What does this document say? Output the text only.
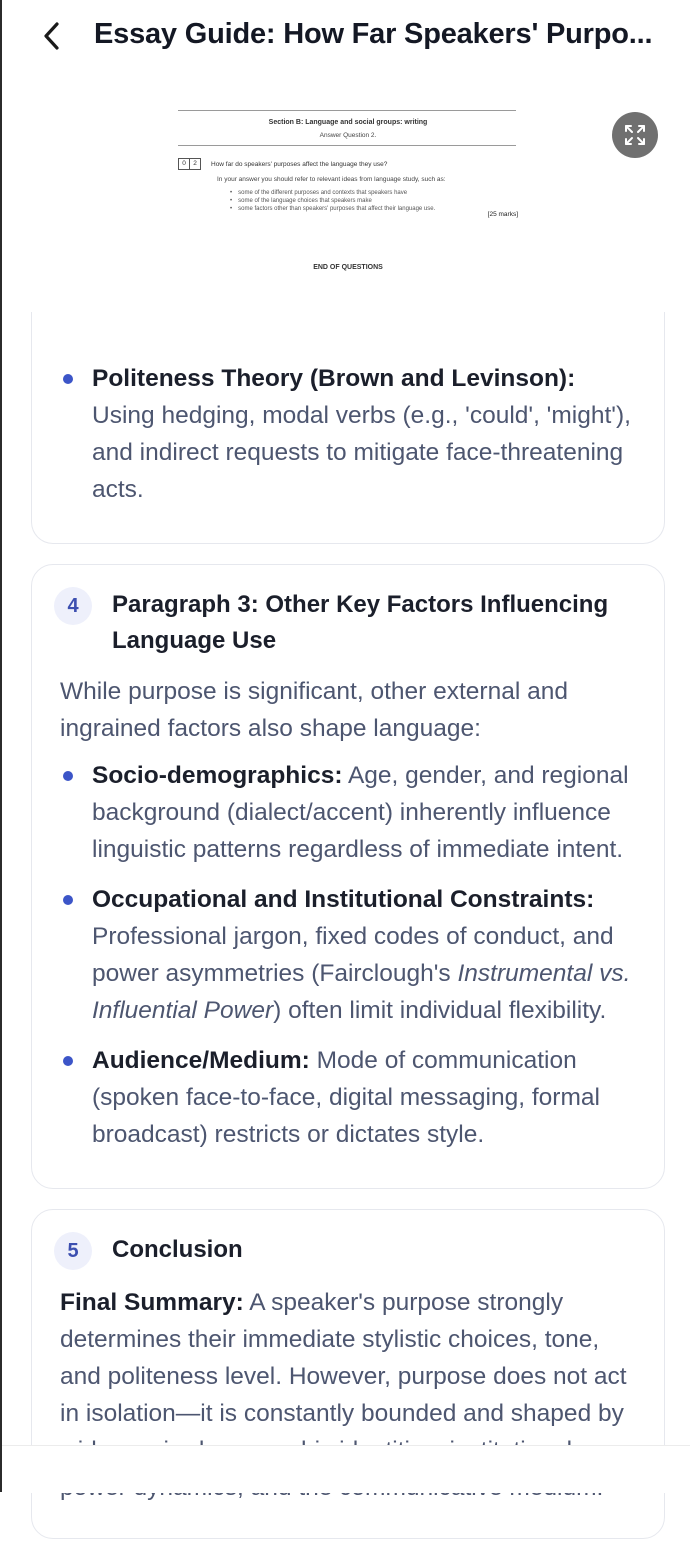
Essay Guide: How Far Speakers' Purpo...
Section B: Language and social groups: writing
Answer Question 2.
0	2	How far do speakers' purposes affect the language they use?
In your answer you should refer to relevant ideas from language study, such as:
• some of the different purposes and contexts that speakers have
• some of the language choices that speakers make
• some factors other than speakers' purposes that affect their language use.
[25 marks]
END OF QUESTIONS
Politeness Theory (Brown and Levinson): Using hedging, modal verbs (e.g., 'could', 'might'), and indirect requests to mitigate face-threatening acts.
4	Paragraph 3: Other Key Factors Influencing Language Use

While purpose is significant, other external and ingrained factors also shape language:

Socio-demographics: Age, gender, and regional background (dialect/accent) inherently influence linguistic patterns regardless of immediate intent.
Occupational and Institutional Constraints: Professional jargon, fixed codes of conduct, and power asymmetries (Fairclough's Instrumental vs. Influential Power) often limit individual flexibility.
Audience/Medium: Mode of communication (spoken face-to-face, digital messaging, formal broadcast) restricts or dictates style.
5	Conclusion

Final Summary: A speaker's purpose strongly determines their immediate stylistic choices, tone, and politeness level. However, purpose does not act in isolation—it is constantly bounded and shaped by
